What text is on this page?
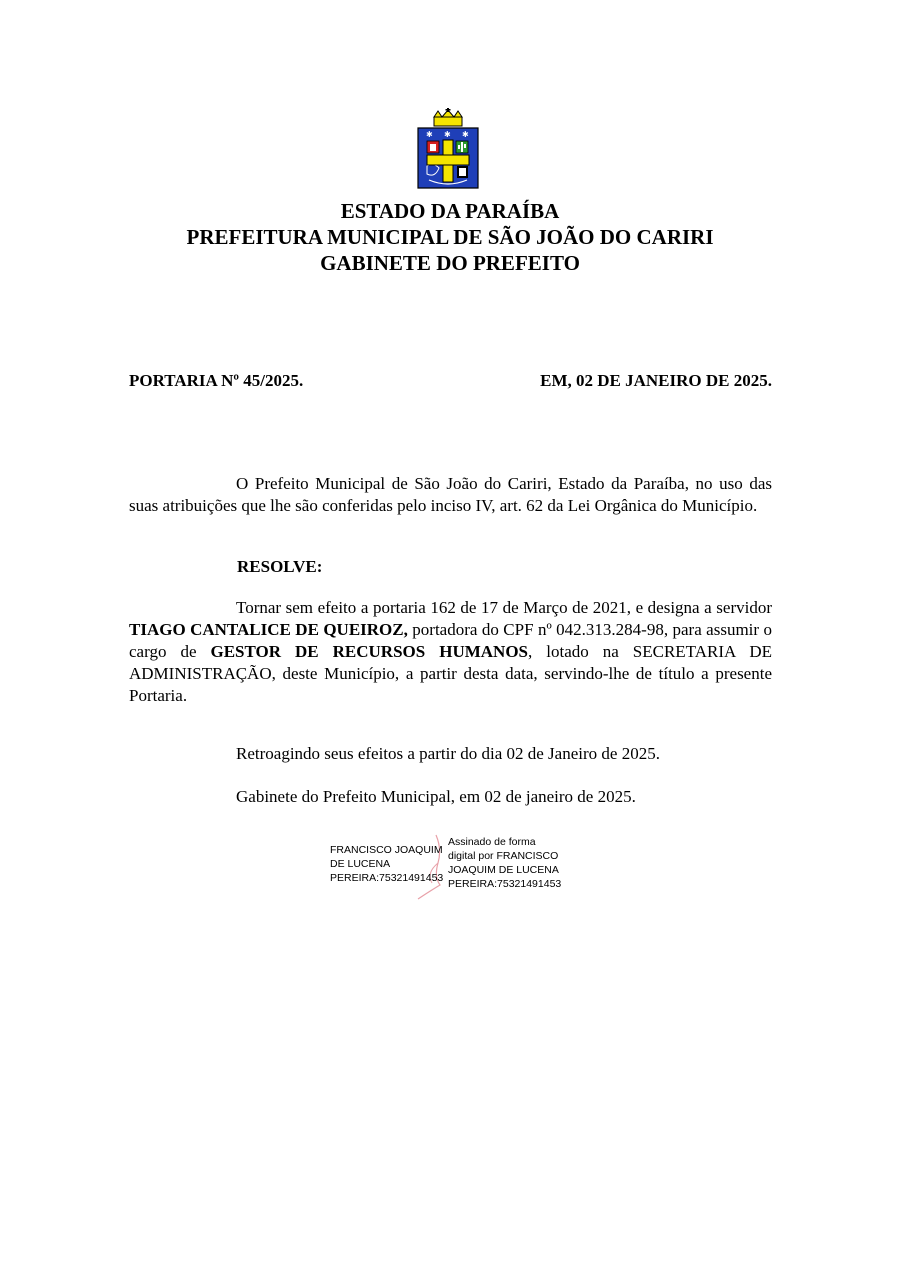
✱ ✱ ✱
ESTADO DA PARAÍBA
PREFEITURA MUNICIPAL DE SÃO JOÃO DO CARIRI
GABINETE DO PREFEITO
PORTARIA Nº 45/2025.	EM, 02 DE JANEIRO DE 2025.
O Prefeito Municipal de São João do Cariri, Estado da Paraíba, no uso das suas atribuições que lhe são conferidas pelo inciso IV, art. 62 da Lei Orgânica do Município.
RESOLVE:
Tornar sem efeito a portaria 162 de 17 de Março de 2021, e designa a servidor TIAGO CANTALICE DE QUEIROZ, portadora do CPF nº 042.313.284-98, para assumir o cargo de GESTOR DE RECURSOS HUMANOS, lotado na SECRETARIA DE ADMINISTRAÇÃO, deste Município, a partir desta data, servindo-lhe de título a presente Portaria.
Retroagindo seus efeitos a partir do dia 02 de Janeiro de 2025.
Gabinete do Prefeito Municipal, em 02 de janeiro de 2025.
FRANCISCO JOAQUIM
DE LUCENA
PEREIRA:75321491453
Assinado de forma
digital por FRANCISCO
JOAQUIM DE LUCENA
PEREIRA:75321491453
